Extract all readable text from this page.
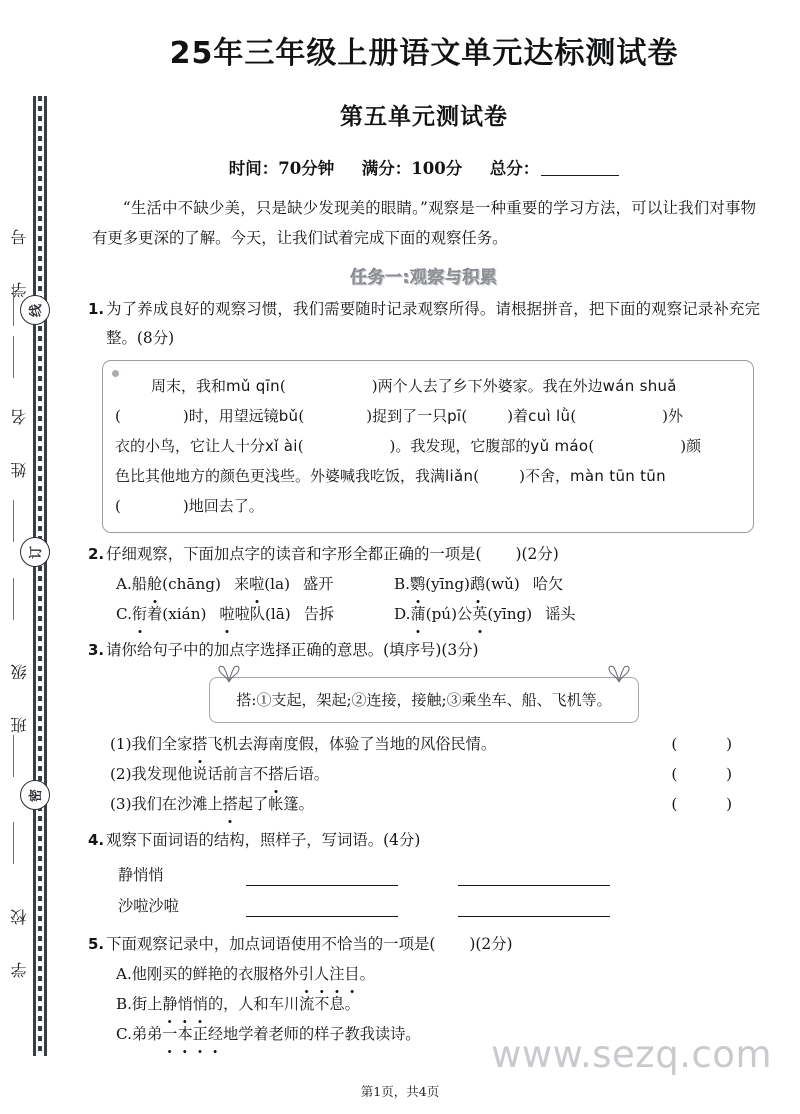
学 号
线
姓 名
订
班 级
密
学 校
25年三年级上册语文单元达标测试卷
第五单元测试卷
时间：70分钟 满分：100分 总分：

“生活中不缺少美，只是缺少发现美的眼睛。”观察是一种重要的学习方法，可以让我们对事物有更多更深的了解。今天，让我们试着完成下面的观察任务。

任务一:观察与积累
1. 为了养成良好的观察习惯，我们需要随时记录观察所得。请根据拼音，把下面的观察记录补充完整。(8分)

周末，我和mǔ qīn(	)两个人去了乡下外婆家。我在外边wán shuǎ

(	)时，用望远镜bǔ(	)捉到了一只pī(	)着cuì lǜ(	)外

衣的小鸟，它让人十分xǐ ài(	)。我发现，它腹部的yǔ máo(	)颜

色比其他地方的颜色更浅些。外婆喊我吃饭，我满liǎn(	)不舍，màn tūn tūn

(	)地回去了。

2. 仔细观察，下面加点字的读音和字形全都正确的一项是( )(2分)
A.船舱(chāng) 来啦(la) 盛开	B.鹦(yīng)鹉(wǔ) 哈欠
C.衔着(xián) 啦啦队(lā) 告拆	D.蒲(pú)公英(yīng) 谣头
3. 请你给句子中的加点字选择正确的意思。(填序号)(3分)
搭:①支起，架起;②连接，接触;③乘坐车、船、飞机等。
(1)我们全家搭飞机去海南度假，体验了当地的风俗民情。	( )
(2)我发现他说话前言不搭后语。	( )
(3)我们在沙滩上搭起了帐篷。	( )
4. 观察下面词语的结构，照样子，写词语。(4分)
静悄悄
沙啦沙啦
5. 下面观察记录中，加点词语使用不恰当的一项是( )(2分)
A.他刚买的鲜艳的衣服格外引人注目。
B.街上静悄悄的，人和车川流不息。
C.弟弟一本正经地学着老师的样子教我读诗。 www.sezq.com
第1页，共4页
